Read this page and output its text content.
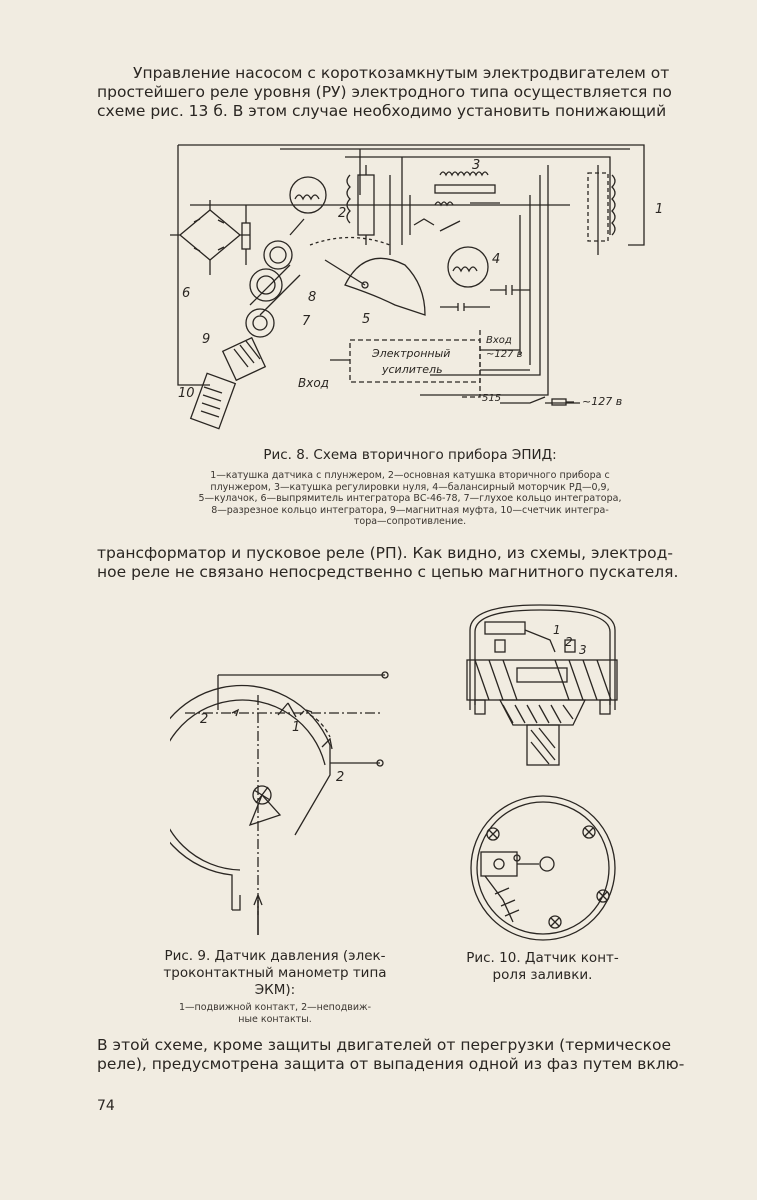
Управление насосом с короткозамкнутым электродвигателем от
простейшего реле уровня (РУ) электродного типа осуществляется по
схеме рис. 13 б. В этом случае необходимо установить понижающий
1
2
3
4
5
6
7
8
9
10
Электронный
усилитель
Вход
Вход
~127 в
515	~127 в
Рис. 8. Схема вторичного прибора ЭПИД:
1—катушка датчика с плунжером, 2—основная катушка вторичного прибора с
плунжером, 3—катушка регулировки нуля, 4—балансирный моторчик РД—0,9,
5—кулачок, 6—выпрямитель интегратора ВС-46-78, 7—глухое кольцо интегратора,
8—разрезное кольцо интегратора, 9—магнитная муфта, 10—счетчик интегра-
тора—сопротивление.
трансформатор и пусковое реле (РП). Как видно, из схемы, электрод-
ное реле не связано непосредственно с цепью магнитного пускателя.
2
1
2
Рис. 9. Датчик давления (элек-
троконтактный манометр типа
ЭКМ):
1—подвижной контакт, 2—неподвиж-
ные контакты.
1
2
3
Рис. 10. Датчик конт-
роля заливки.
В этой схеме, кроме защиты двигателей от перегрузки (термическое
реле), предусмотрена защита от выпадения одной из фаз путем вклю-
74
